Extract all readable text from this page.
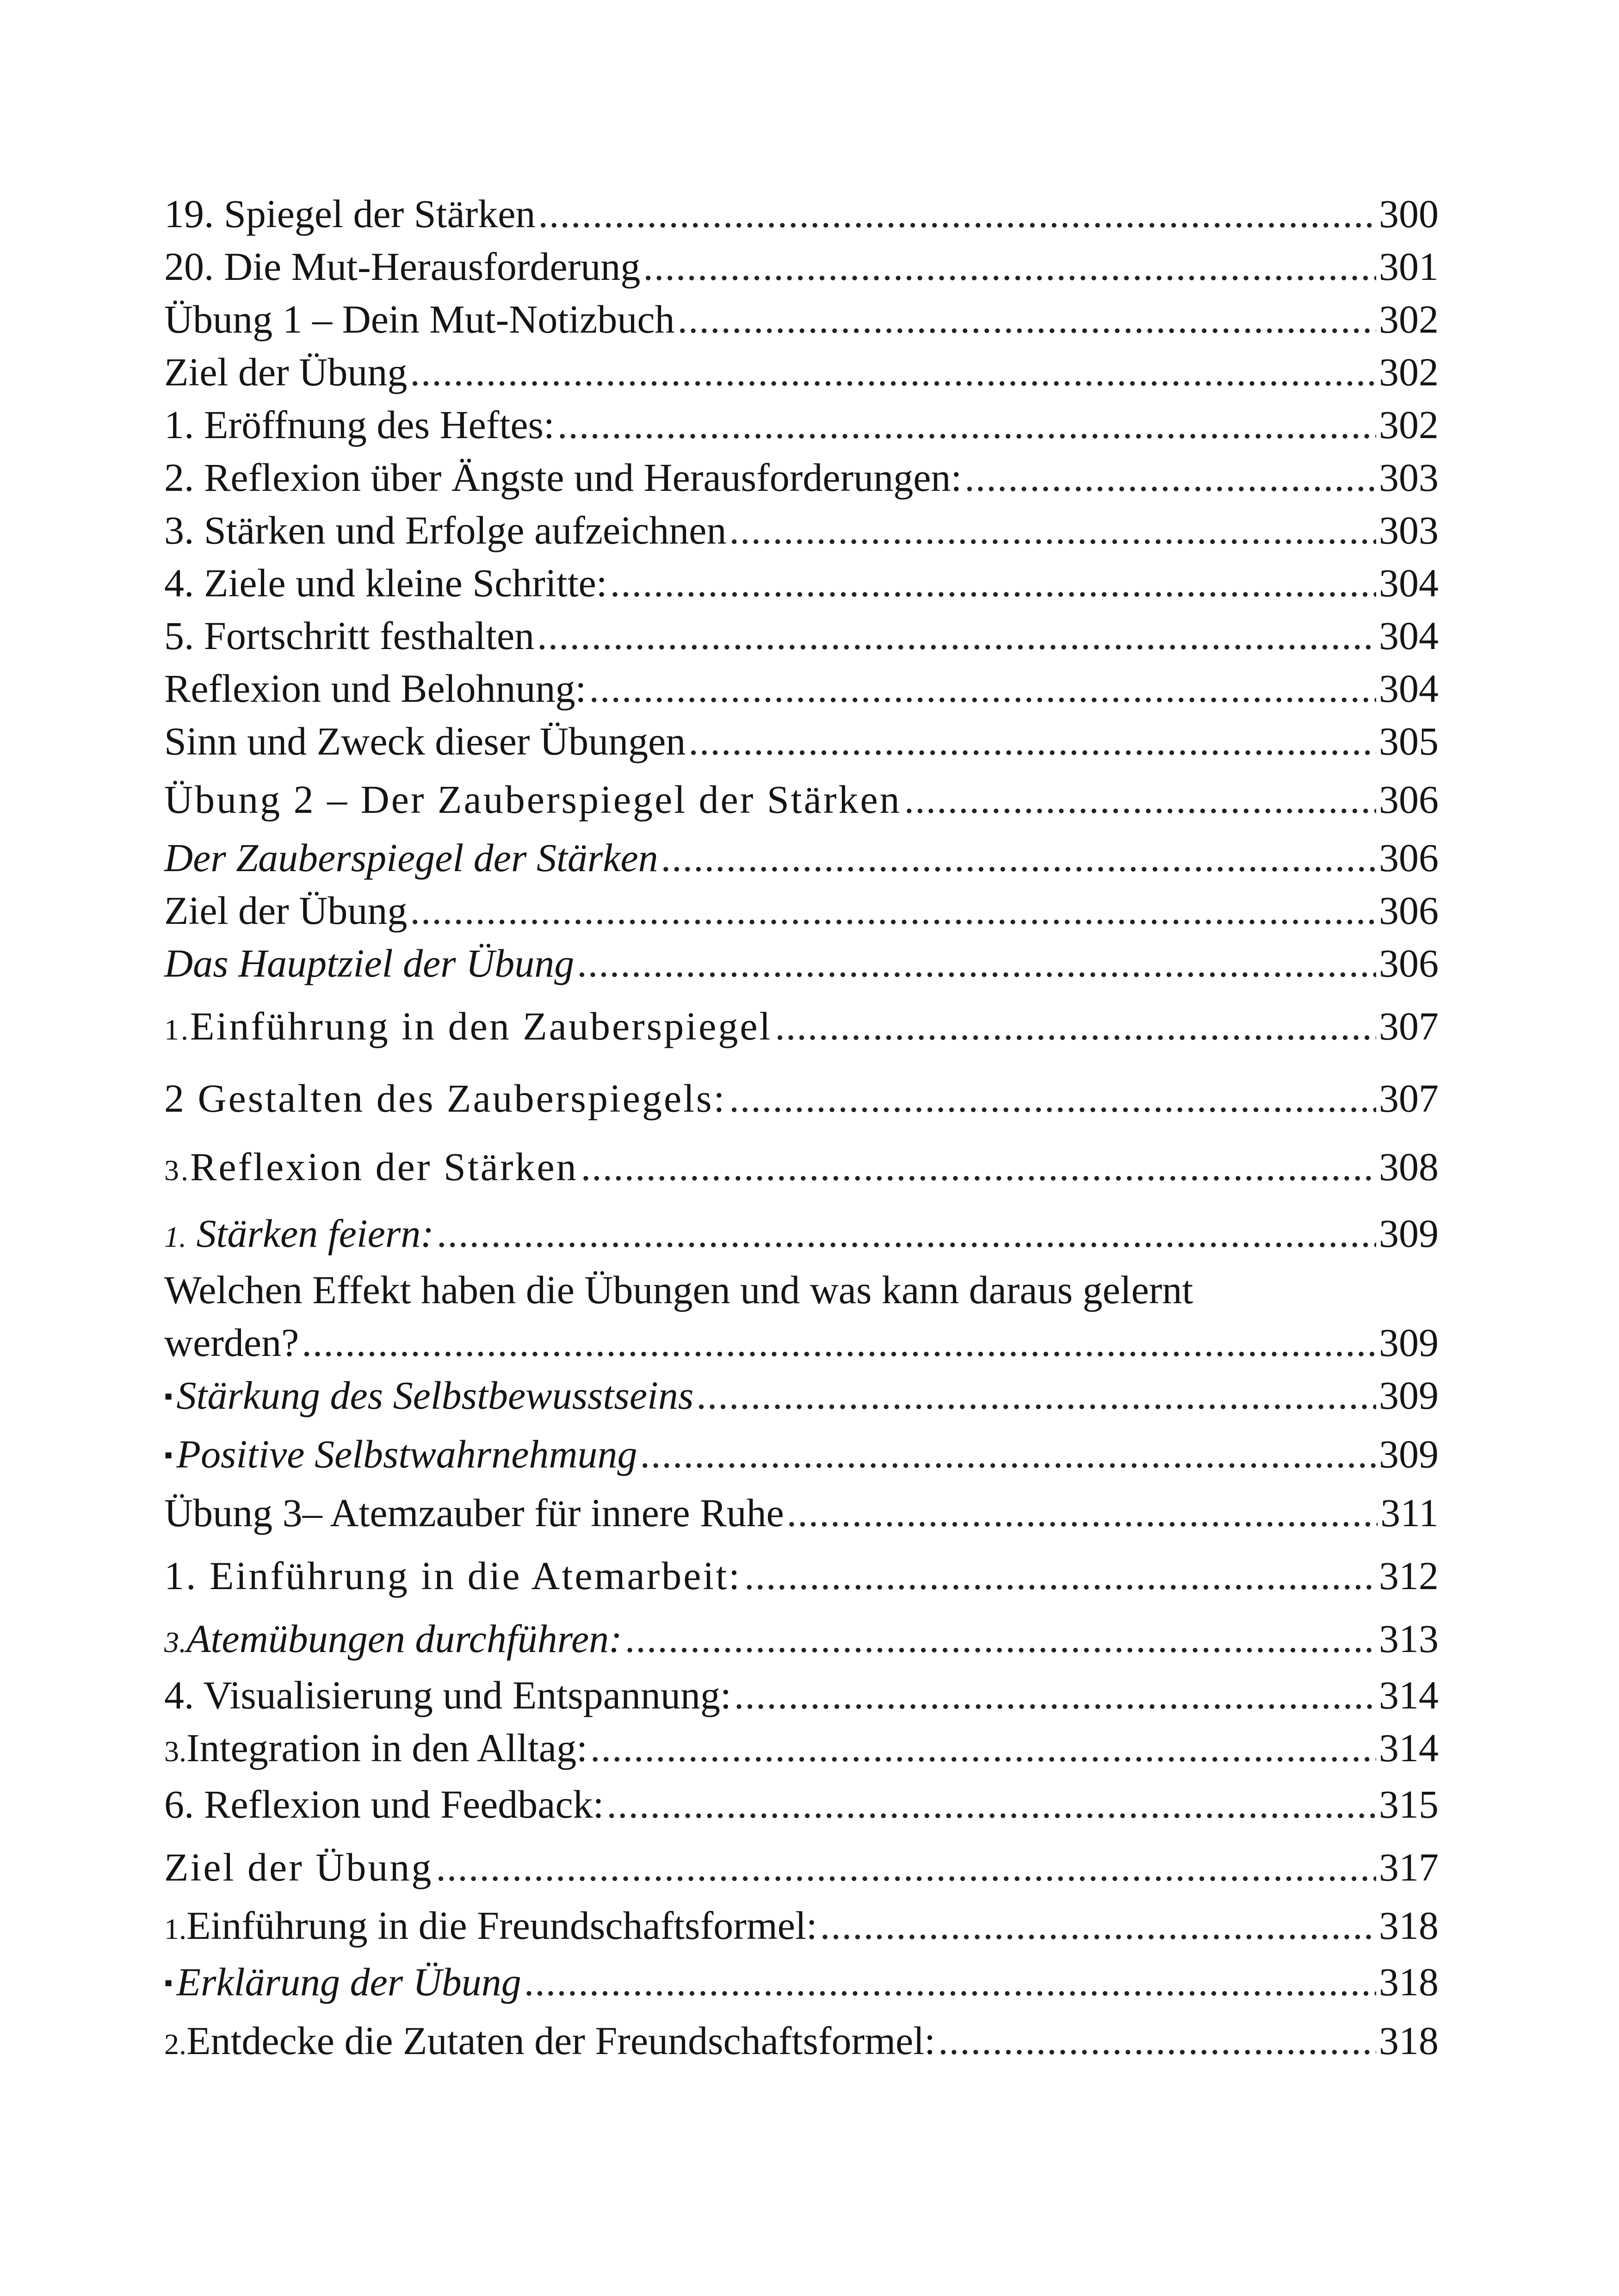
19. Spiegel der Stärken .....	300
20. Die Mut-Herausforderung .....	301
Übung 1 – Dein Mut-Notizbuch .....	302
Ziel der Übung .....	302
1. Eröffnung des Heftes: .....	302
2. Reflexion über Ängste und Herausforderungen: .....	303
3. Stärken und Erfolge aufzeichnen .....	303
4. Ziele und kleine Schritte: .....	304
5. Fortschritt festhalten .....	304
Reflexion und Belohnung: .....	304
Sinn und Zweck dieser Übungen .....	305
Übung 2 – Der Zauberspiegel der Stärken .....	306
Der Zauberspiegel der Stärken .....	306
Ziel der Übung .....	306
Das Hauptziel der Übung .....	306
1.Einführung in den Zauberspiegel .....	307
2 Gestalten des Zauberspiegels: .....	307
3.Reflexion der Stärken .....	308
1. Stärken feiern: .....	309
Welchen Effekt haben die Übungen und was kann daraus gelernt
werden? .....	309
▪Stärkung des Selbstbewusstseins .....	309
▪Positive Selbstwahrnehmung .....	309
Übung 3– Atemzauber für innere Ruhe .....	311
1. Einführung in die Atemarbeit: .....	312
3.Atemübungen durchführen: .....	313
4. Visualisierung und Entspannung: .....	314
3.Integration in den Alltag: .....	314
6. Reflexion und Feedback: .....	315
Ziel der Übung .....	317
1.Einführung in die Freundschaftsformel: .....	318
▪Erklärung der Übung .....	318
2.Entdecke die Zutaten der Freundschaftsformel: .....	318
